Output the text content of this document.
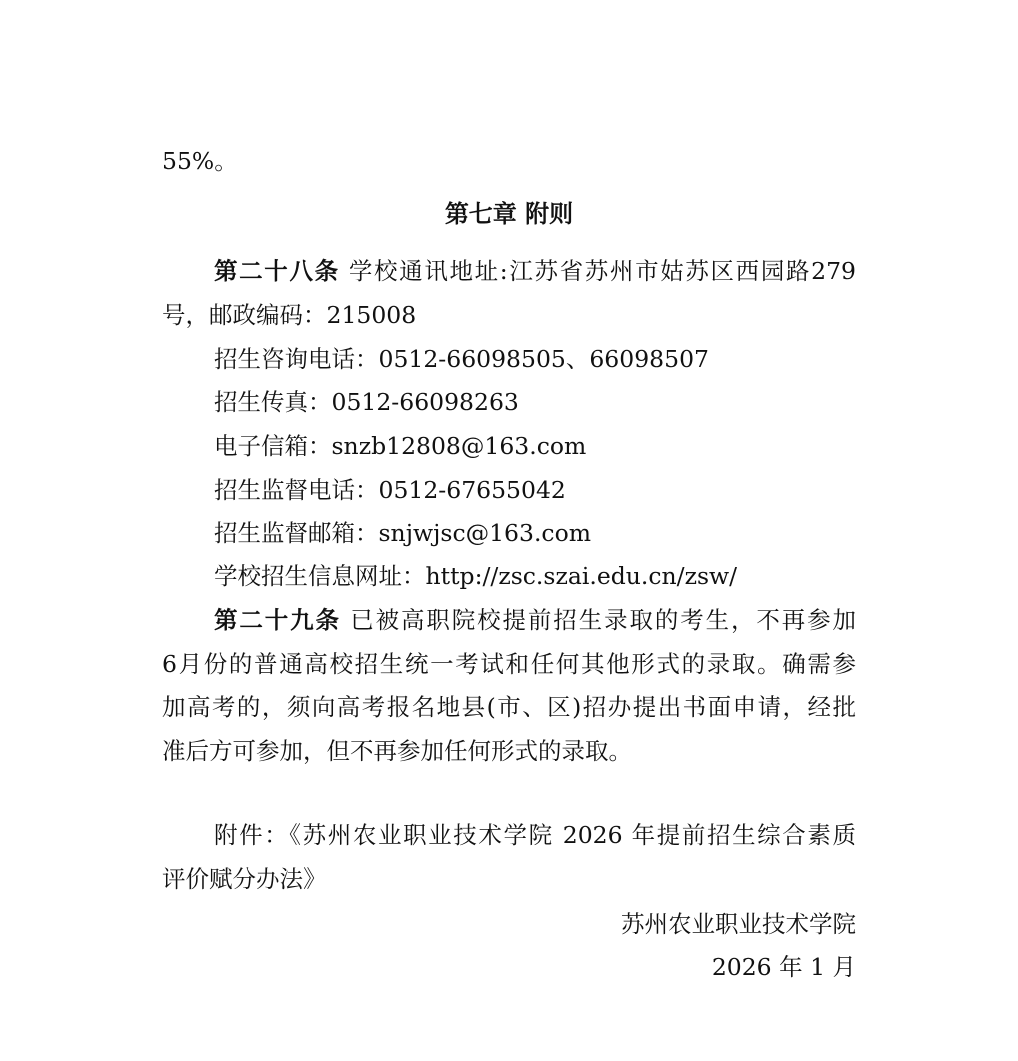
55%。
第七章 附则
第二十八条 学校通讯地址:江苏省苏州市姑苏区西园路279
号，邮政编码：215008
招生咨询电话：0512-66098505、66098507
招生传真：0512-66098263
电子信箱：snzb12808@163.com
招生监督电话：0512-67655042
招生监督邮箱：snjwjsc@163.com
学校招生信息网址：http://zsc.szai.edu.cn/zsw/
第二十九条 已被高职院校提前招生录取的考生，不再参加
6月份的普通高校招生统一考试和任何其他形式的录取。确需参
加高考的，须向高考报名地县(市、区)招办提出书面申请，经批
准后方可参加，但不再参加任何形式的录取。
附件：《苏州农业职业技术学院 2026 年提前招生综合素质
评价赋分办法》
苏州农业职业技术学院
2026 年 1 月
